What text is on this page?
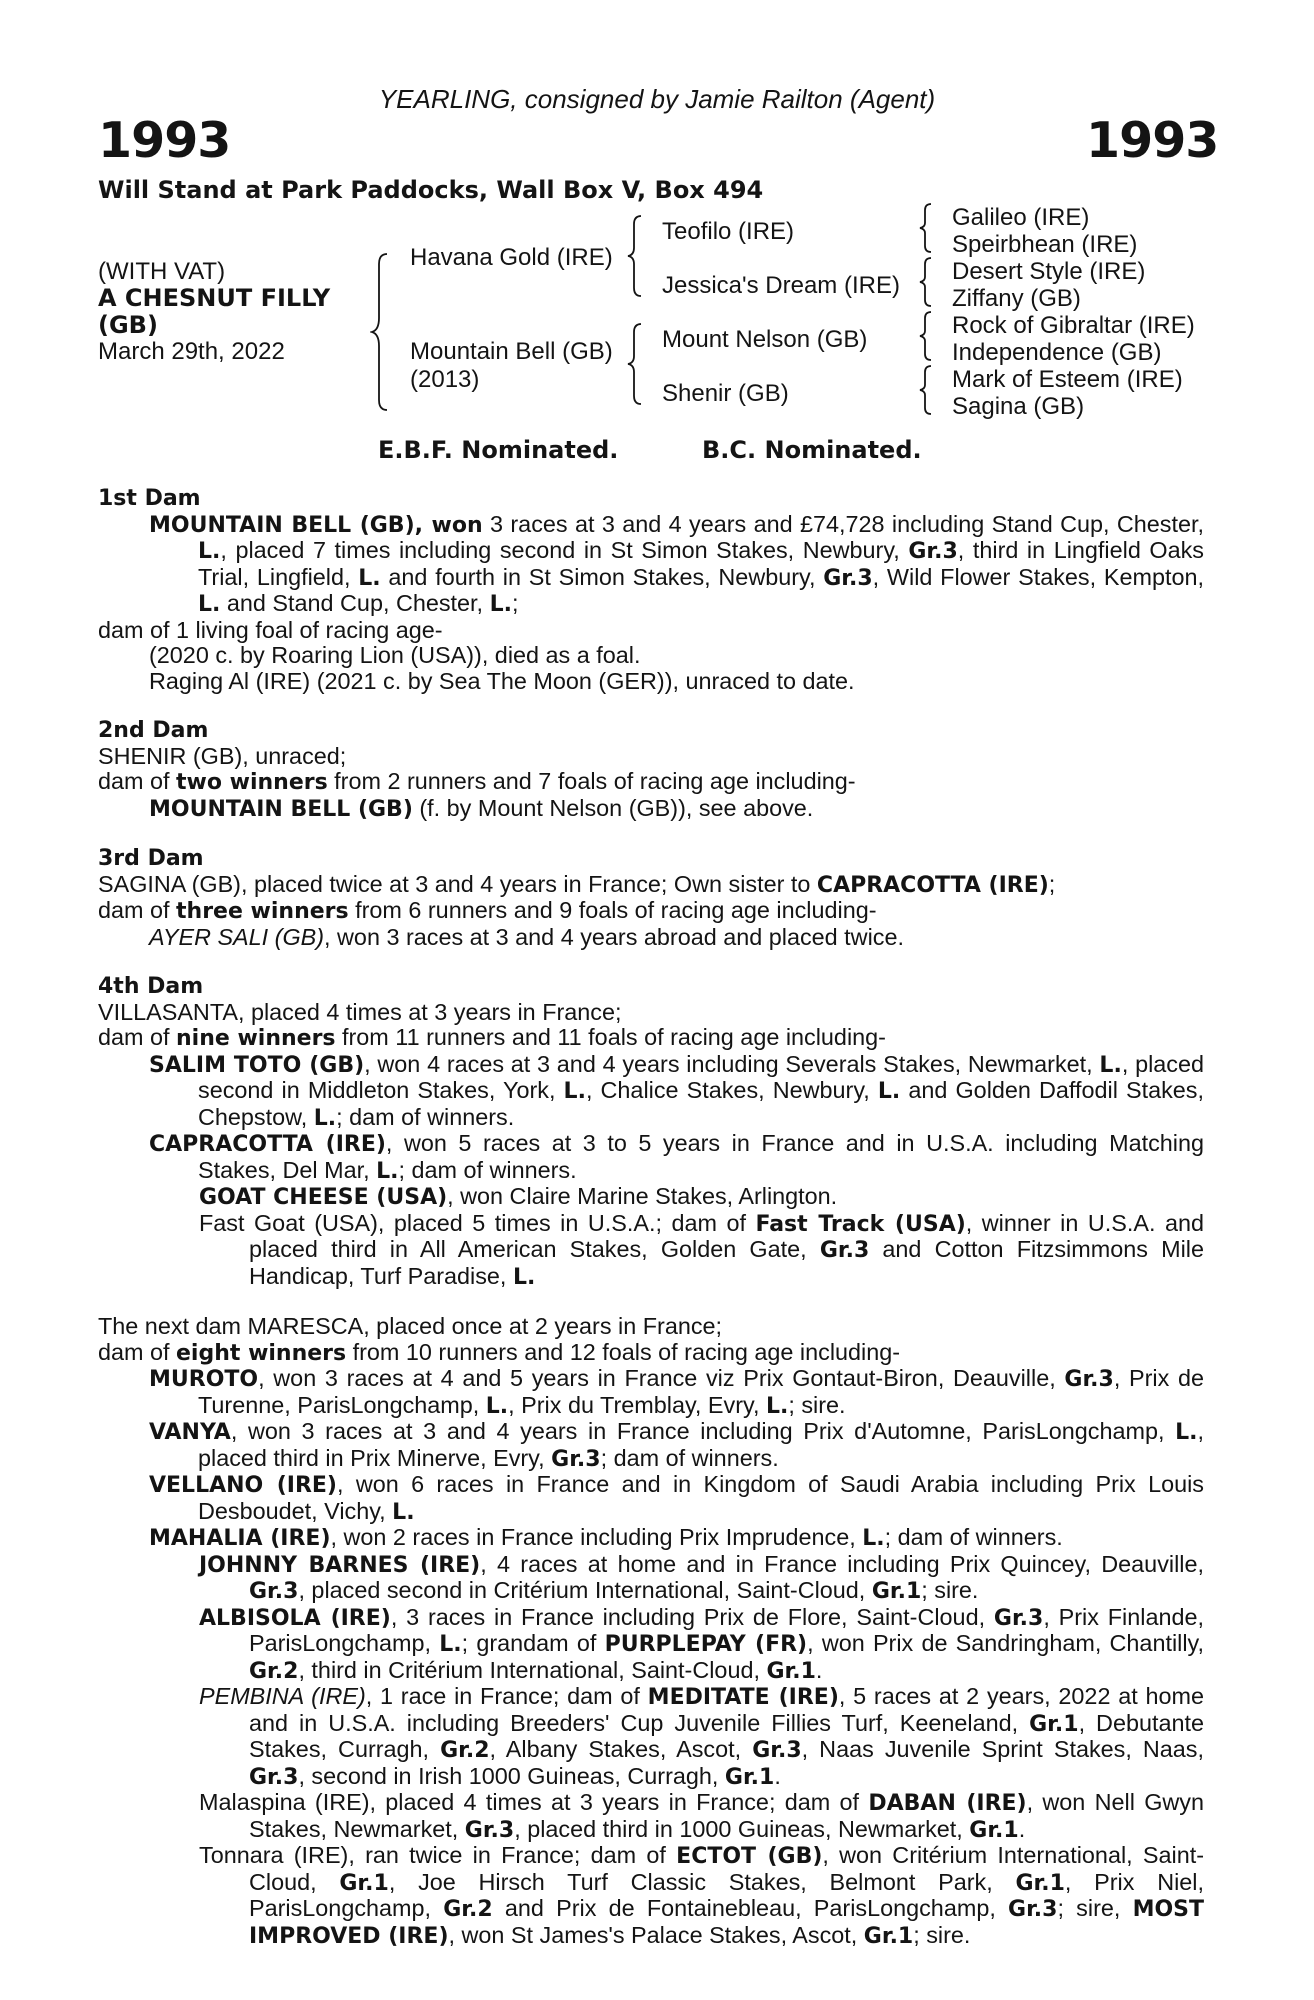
YEARLING, consigned by Jamie Railton (Agent)
1993	1993
Will Stand at Park Paddocks, Wall Box V, Box 494
(WITH VAT)
A CHESNUT FILLY
(GB)
March 29th, 2022
Havana Gold (IRE)
Mountain Bell (GB)
(2013)
Teofilo (IRE)
Jessica's Dream (IRE)
Mount Nelson (GB)
Shenir (GB)
Galileo (IRE)
Speirbhean (IRE)
Desert Style (IRE)
Ziffany (GB)
Rock of Gibraltar (IRE)
Independence (GB)
Mark of Esteem (IRE)
Sagina (GB)
E.B.F. Nominated.	B.C. Nominated.

1st Dam

MOUNTAIN BELL (GB), won 3 races at 3 and 4 years and £74,728 including Stand Cup, Chester, L., placed 7 times including second in St Simon Stakes, Newbury, Gr.3, third in Lingfield Oaks Trial, Lingfield, L. and fourth in St Simon Stakes, Newbury, Gr.3, Wild Flower Stakes, Kempton, L. and Stand Cup, Chester, L.;

dam of 1 living foal of racing age-

(2020 c. by Roaring Lion (USA)), died as a foal.

Raging Al (IRE) (2021 c. by Sea The Moon (GER)), unraced to date.

2nd Dam

SHENIR (GB), unraced;

dam of two winners from 2 runners and 7 foals of racing age including-

MOUNTAIN BELL (GB) (f. by Mount Nelson (GB)), see above.

3rd Dam

SAGINA (GB), placed twice at 3 and 4 years in France; Own sister to CAPRACOTTA (IRE);

dam of three winners from 6 runners and 9 foals of racing age including-

AYER SALI (GB), won 3 races at 3 and 4 years abroad and placed twice.

4th Dam

VILLASANTA, placed 4 times at 3 years in France;

dam of nine winners from 11 runners and 11 foals of racing age including-

SALIM TOTO (GB), won 4 races at 3 and 4 years including Severals Stakes, Newmarket, L., placed second in Middleton Stakes, York, L., Chalice Stakes, Newbury, L. and Golden Daffodil Stakes, Chepstow, L.; dam of winners.

CAPRACOTTA (IRE), won 5 races at 3 to 5 years in France and in U.S.A. including Matching Stakes, Del Mar, L.; dam of winners.

GOAT CHEESE (USA), won Claire Marine Stakes, Arlington.

Fast Goat (USA), placed 5 times in U.S.A.; dam of Fast Track (USA), winner in U.S.A. and placed third in All American Stakes, Golden Gate, Gr.3 and Cotton Fitzsimmons Mile Handicap, Turf Paradise, L.

The next dam MARESCA, placed once at 2 years in France;

dam of eight winners from 10 runners and 12 foals of racing age including-

MUROTO, won 3 races at 4 and 5 years in France viz Prix Gontaut-Biron, Deauville, Gr.3, Prix de Turenne, ParisLongchamp, L., Prix du Tremblay, Evry, L.; sire.

VANYA, won 3 races at 3 and 4 years in France including Prix d'Automne, ParisLongchamp, L., placed third in Prix Minerve, Evry, Gr.3; dam of winners.

VELLANO (IRE), won 6 races in France and in Kingdom of Saudi Arabia including Prix Louis Desboudet, Vichy, L.

MAHALIA (IRE), won 2 races in France including Prix Imprudence, L.; dam of winners.

JOHNNY BARNES (IRE), 4 races at home and in France including Prix Quincey, Deauville, Gr.3, placed second in Critérium International, Saint-Cloud, Gr.1; sire.

ALBISOLA (IRE), 3 races in France including Prix de Flore, Saint-Cloud, Gr.3, Prix Finlande, ParisLongchamp, L.; grandam of PURPLEPAY (FR), won Prix de Sandringham, Chantilly, Gr.2, third in Critérium International, Saint-Cloud, Gr.1.

PEMBINA (IRE), 1 race in France; dam of MEDITATE (IRE), 5 races at 2 years, 2022 at home and in U.S.A. including Breeders' Cup Juvenile Fillies Turf, Keeneland, Gr.1, Debutante Stakes, Curragh, Gr.2, Albany Stakes, Ascot, Gr.3, Naas Juvenile Sprint Stakes, Naas, Gr.3, second in Irish 1000 Guineas, Curragh, Gr.1.

Malaspina (IRE), placed 4 times at 3 years in France; dam of DABAN (IRE), won Nell Gwyn Stakes, Newmarket, Gr.3, placed third in 1000 Guineas, Newmarket, Gr.1.

Tonnara (IRE), ran twice in France; dam of ECTOT (GB), won Critérium International, Saint-Cloud, Gr.1, Joe Hirsch Turf Classic Stakes, Belmont Park, Gr.1, Prix Niel, ParisLongchamp, Gr.2 and Prix de Fontainebleau, ParisLongchamp, Gr.3; sire, MOST IMPROVED (IRE), won St James's Palace Stakes, Ascot, Gr.1; sire.
